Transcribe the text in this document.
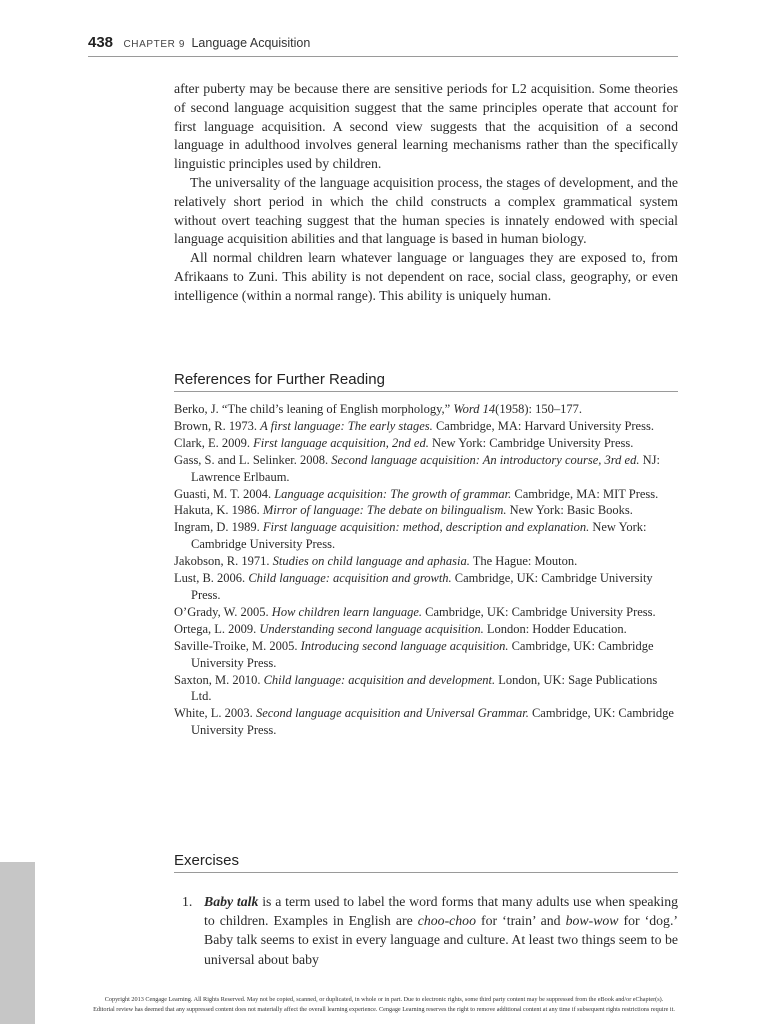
438 CHAPTER 9 Language Acquisition

after puberty may be because there are sensitive periods for L2 acquisition. Some theories of second language acquisition suggest that the same principles operate that account for first language acquisition. A second view suggests that the acquisition of a second language in adulthood involves general learning mechanisms rather than the specifically linguistic principles used by children.

The universality of the language acquisition process, the stages of development, and the relatively short period in which the child constructs a complex grammatical system without overt teaching suggest that the human species is innately endowed with special language acquisition abilities and that language is based in human biology.

All normal children learn whatever language or languages they are exposed to, from Afrikaans to Zuni. This ability is not dependent on race, social class, geography, or even intelligence (within a normal range). This ability is uniquely human.

References for Further Reading
Berko, J. “The child’s leaning of English morphology,” Word 14(1958): 150–177.
Brown, R. 1973. A first language: The early stages. Cambridge, MA: Harvard University Press.
Clark, E. 2009. First language acquisition, 2nd ed. New York: Cambridge University Press.
Gass, S. and L. Selinker. 2008. Second language acquisition: An introductory course, 3rd ed. NJ: Lawrence Erlbaum.
Guasti, M. T. 2004. Language acquisition: The growth of grammar. Cambridge, MA: MIT Press.
Hakuta, K. 1986. Mirror of language: The debate on bilingualism. New York: Basic Books.
Ingram, D. 1989. First language acquisition: method, description and explanation. New York: Cambridge University Press.
Jakobson, R. 1971. Studies on child language and aphasia. The Hague: Mouton.
Lust, B. 2006. Child language: acquisition and growth. Cambridge, UK: Cambridge University Press.
O’Grady, W. 2005. How children learn language. Cambridge, UK: Cambridge University Press.
Ortega, L. 2009. Understanding second language acquisition. London: Hodder Education.
Saville-Troike, M. 2005. Introducing second language acquisition. Cambridge, UK: Cambridge University Press.
Saxton, M. 2010. Child language: acquisition and development. London, UK: Sage Publications Ltd.
White, L. 2003. Second language acquisition and Universal Grammar. Cambridge, UK: Cambridge University Press.
Exercises
1. Baby talk is a term used to label the word forms that many adults use when speaking to children. Examples in English are choo-choo for ‘train’ and bow-wow for ‘dog.’ Baby talk seems to exist in every language and culture. At least two things seem to be universal about baby
Copyright 2013 Cengage Learning. All Rights Reserved. May not be copied, scanned, or duplicated, in whole or in part. Due to electronic rights, some third party content may be suppressed from the eBook and/or eChapter(s).
Editorial review has deemed that any suppressed content does not materially affect the overall learning experience. Cengage Learning reserves the right to remove additional content at any time if subsequent rights restrictions require it.
